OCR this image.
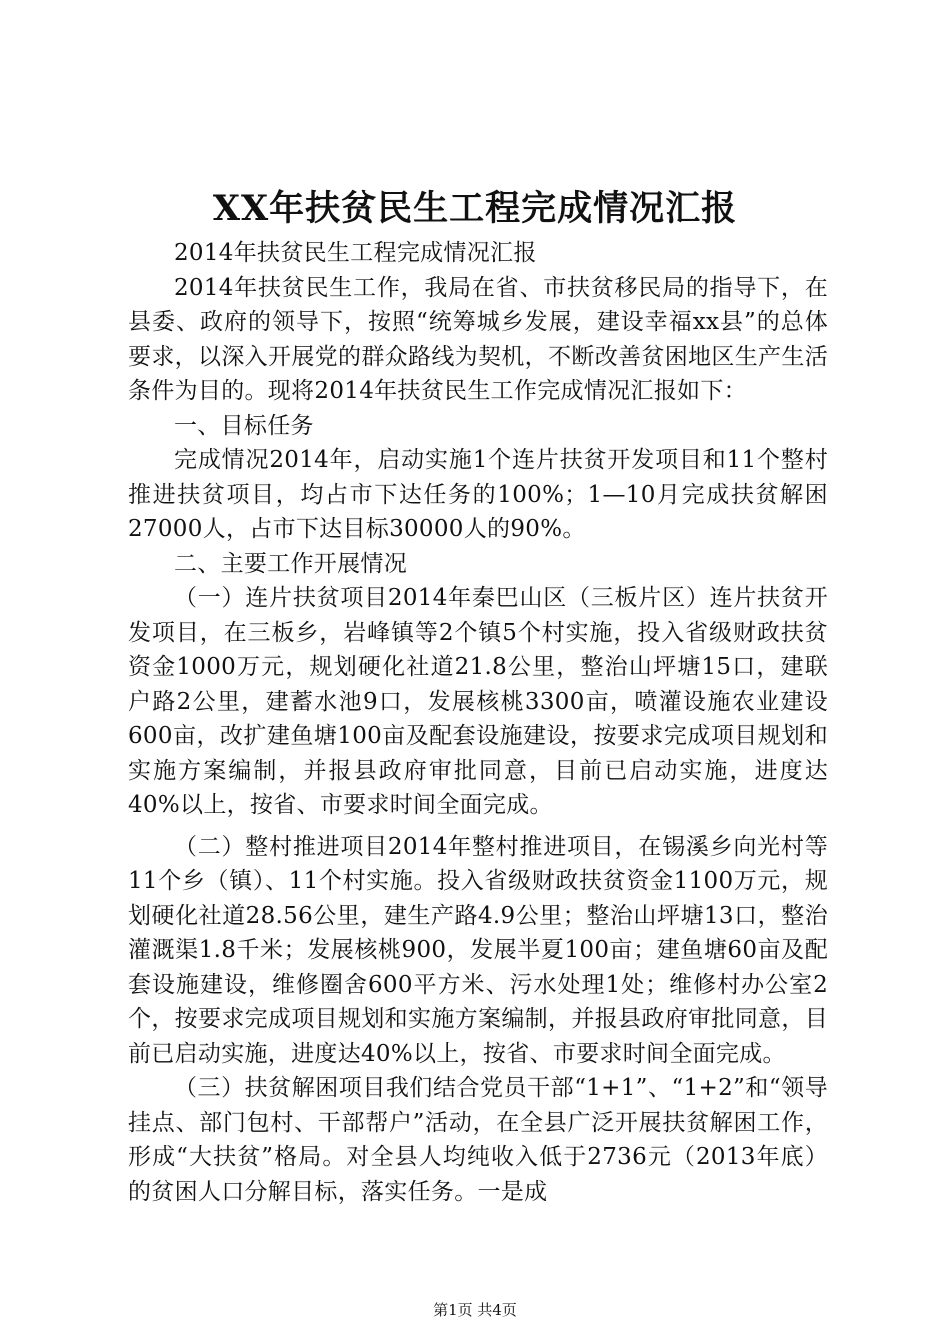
XX年扶贫民生工程完成情况汇报

2014年扶贫民生工程完成情况汇报

2014年扶贫民生工作，我局在省、市扶贫移民局的指导下，在县委、政府的领导下，按照“统筹城乡发展，建设幸福xx县”的总体要求，以深入开展党的群众路线为契机，不断改善贫困地区生产生活条件为目的。现将2014年扶贫民生工作完成情况汇报如下：

一、目标任务

完成情况2014年，启动实施1个连片扶贫开发项目和11个整村推进扶贫项目，均占市下达任务的100%；1—10月完成扶贫解困27000人，占市下达目标30000人的90%。

二、主要工作开展情况

（一）连片扶贫项目2014年秦巴山区（三板片区）连片扶贫开发项目，在三板乡，岩峰镇等2个镇5个村实施，投入省级财政扶贫资金1000万元，规划硬化社道21.8公里，整治山坪塘15口，建联户路2公里，建蓄水池9口，发展核桃3300亩，喷灌设施农业建设600亩，改扩建鱼塘100亩及配套设施建设，按要求完成项目规划和实施方案编制，并报县政府审批同意，目前已启动实施，进度达40%以上，按省、市要求时间全面完成。

（二）整村推进项目2014年整村推进项目，在锡溪乡向光村等11个乡（镇）、11个村实施。投入省级财政扶贫资金1100万元，规划硬化社道28.56公里，建生产路4.9公里；整治山坪塘13口，整治灌溉渠1.8千米；发展核桃900，发展半夏100亩；建鱼塘60亩及配套设施建设，维修圈舍600平方米、污水处理1处；维修村办公室2个，按要求完成项目规划和实施方案编制，并报县政府审批同意，目前已启动实施，进度达40%以上，按省、市要求时间全面完成。

（三）扶贫解困项目我们结合党员干部“1+1”、“1+2”和“领导挂点、部门包村、干部帮户”活动，在全县广泛开展扶贫解困工作，形成“大扶贫”格局。对全县人均纯收入低于2736元（2013年底）的贫困人口分解目标，落实任务。一是成

第1页 共4页
